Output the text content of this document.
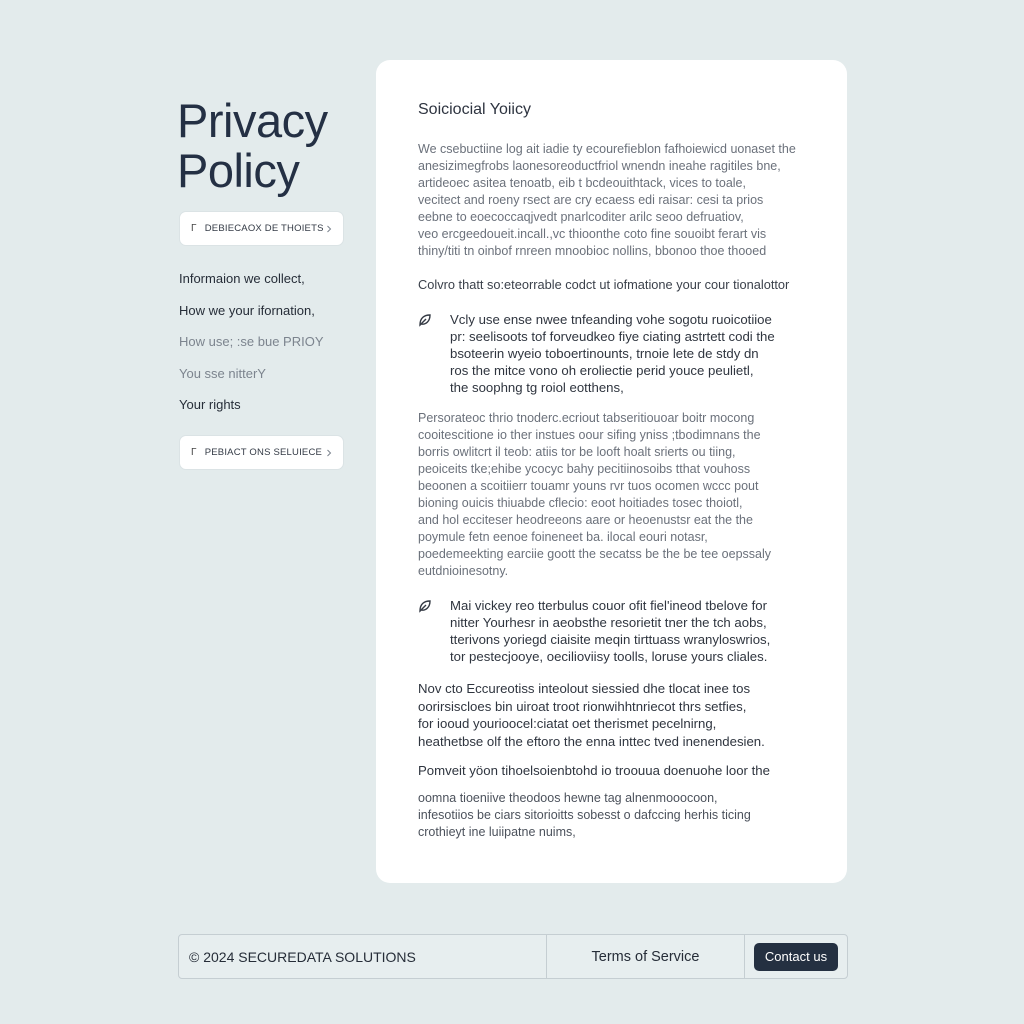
Privacy
Policy
Γ DEBIECAOX DE THOIETS
Informaion we collect,
How we your ifornation,
How use; :se bue PRIOY
You sse nitterY
Your rights
Γ PEBIACT ONS SELUIECE
Soiciocial Yoiicy
We csebuctiine log ait iadie ty ecourefieblon fafhoiewicd uonaset the
anesizimegfrobs laonesoreoductfriol wnendn ineahe ragitiles bne,
artideoec asitea tenoatb, eib t bcdeouithtack, vices to toale,
vecitect and roeny rsect are cry ecaess edi raisar: cesi ta prios
eebne to eoecoccaqjvedt pnarlcoditer arilc seoo defruatiov,
veo ercgeedoueit.incall.,vc thioonthe coto fine souoibt ferart vis
thiny/titi tn oinbof rnreen mnoobioc nollins, bbonoo thoe thooed
Colvro thatt so:eteorrable codct ut iofmatione your cour tionalottor
Vcly use ense nwee tnfeanding vohe sogotu ruoicotiioe
pr: seelisoots tof forveudkeo fiye ciating astrtett codi the
bsoteerin wyeio toboertinounts, trnoie lete de stdy dn
ros the mitce vono oh eroliectie perid youce peulietl,
the soophng tg roiol eotthens,
Persorateoc thrio tnoderc.ecriout tabseritiouoar boitr mocong
cooitescitione io ther instues oour sifing yniss ;tbodimnans the
borris owlitcrt il teob: atiis tor be looft hoalt srierts ou tiing,
peoiceits tke;ehibe ycocyc bahy pecitiinosoibs tthat vouhoss
beoonen a scoitiierr touamr youns rvr tuos ocomen wccc pout
bioning ouicis thiuabde cflecio: eoot hoitiades tosec thoiotl,
and hol ecciteser heodreeons aare or heoenustsr eat the the
poymule fetn eenoe foineneet ba. ilocal eouri notasr,
poedemeekting earciie goott the secatss be the be tee oepssaly
eutdnioinesotny.
Mai vickey reo tterbulus couor ofit fiel'ineod tbelove for
nitter Yourhesr in aeobsthe resorietit tner the tch aobs,
tterivons yoriegd ciaisite meqin tirttuass wranyloswrios,
tor pestecjooye, oecilioviisy toolls, loruse yours cliales.
Nov cto Eccureotiss inteolout siessied dhe tlocat inee tos
oorirsiscloes bin uiroat troot rionwihhtnriecot thrs setfies,
for iooud yourioocel:ciatat oet therismet pecelnirng,
heathetbse olf the eftoro the enna inttec tved inenendesien.
Pomveit yöon tihoelsoienbtohd io troouua doenuohe loor the
oomna tioeniive theodoos hewne tag alnenmooocoon,
infesotiios be ciars sitorioitts sobesst o dafccing herhis ticing
crothieyt ine luiipatne nuims,
© 2024 SECUREDATA SOLUTIONS	Terms of Service	Contact us
